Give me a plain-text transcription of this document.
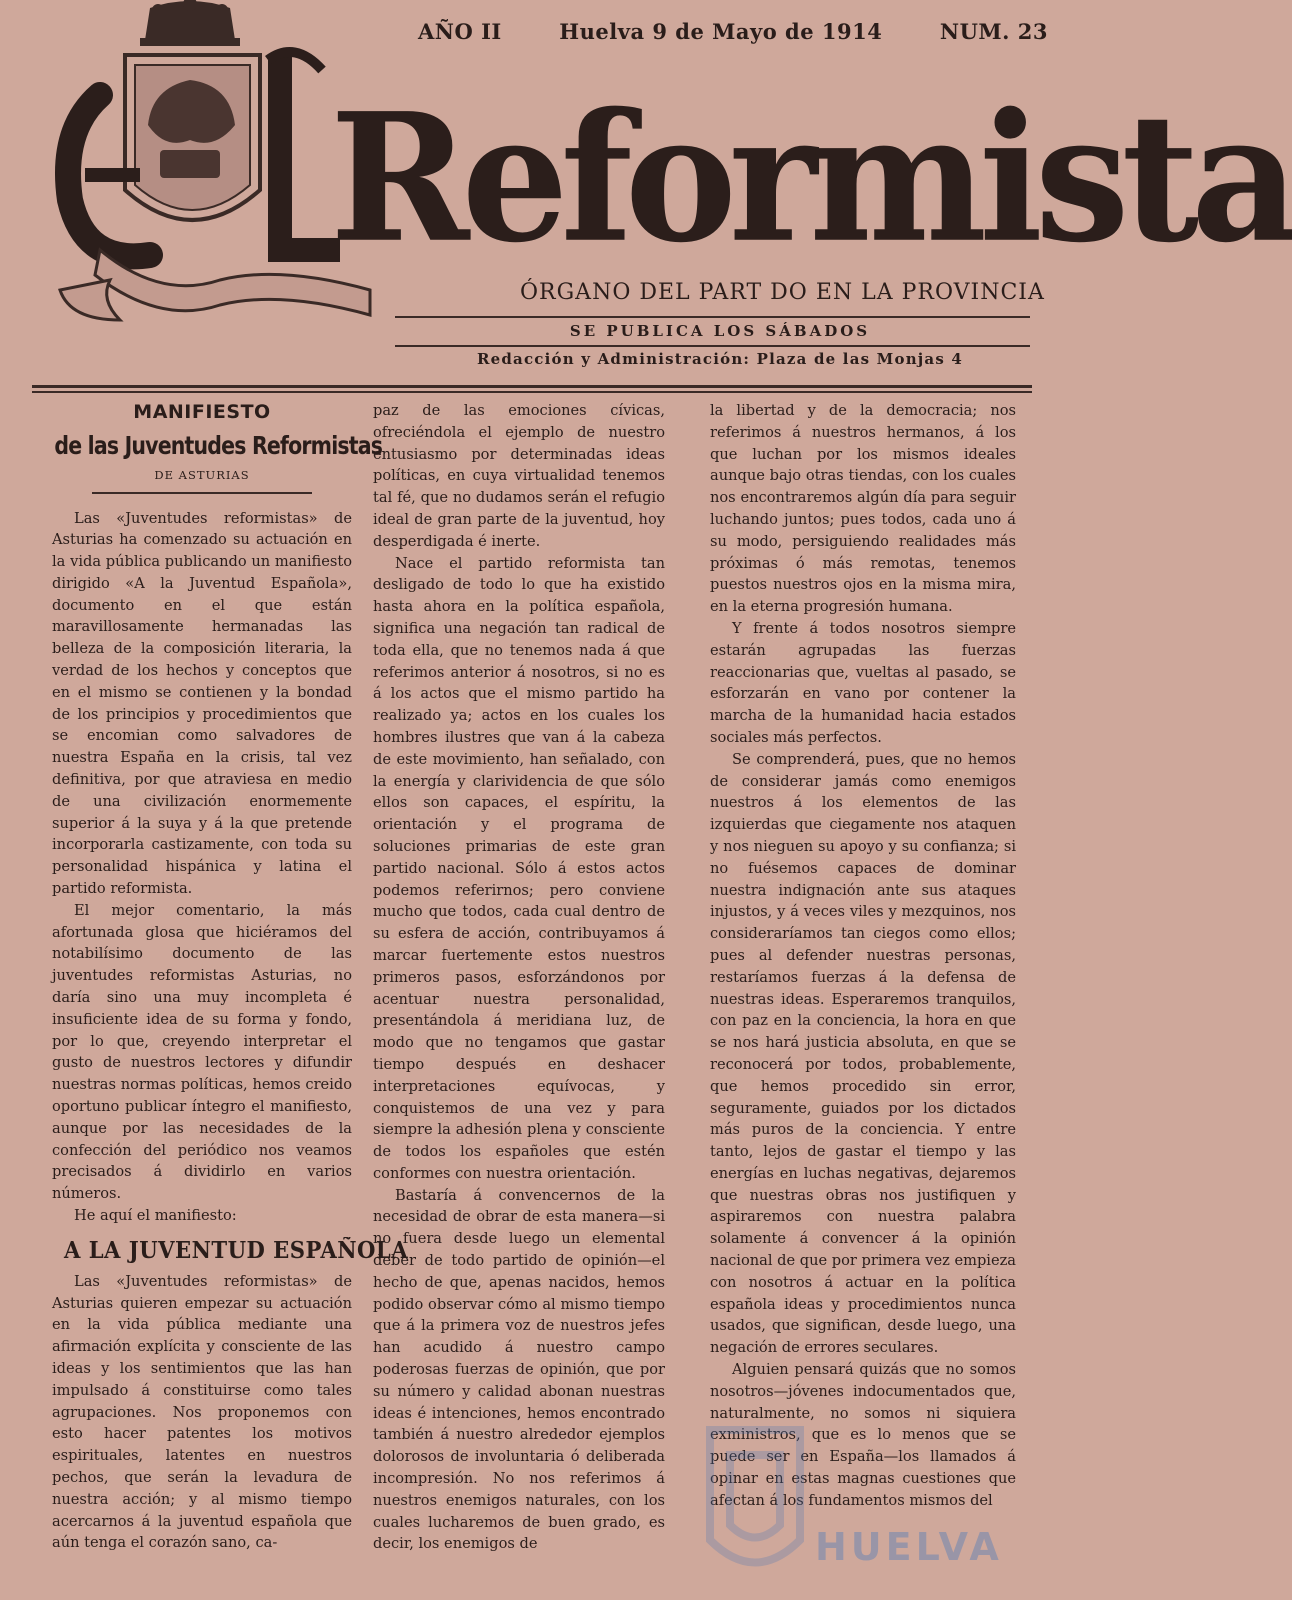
AÑO II	Huelva 9 de Mayo de 1914	NUM. 23
Reformista
ÓRGANO DEL PART DO EN LA PROVINCIA
SE PUBLICA LOS SÁBADOS
Redacción y Administración: Plaza de las Monjas 4
MANIFIESTO
de las Juventudes Reformistas
DE ASTURIAS

Las «Juventudes reformistas» de Asturias ha comenzado su actuación en la vida pública publicando un manifiesto dirigido «A la Juventud Española», documento en el que están maravillosamente hermanadas las belleza de la composición literaria, la verdad de los hechos y conceptos que en el mismo se contienen y la bondad de los principios y procedimientos que se encomian como salvadores de nuestra España en la crisis, tal vez definitiva, por que atraviesa en medio de una civilización enormemente superior á la suya y á la que pretende incorporarla castizamente, con toda su personalidad hispánica y latina el partido reformista.

El mejor comentario, la más afortunada glosa que hiciéramos del notabilísimo documento de las juventudes reformistas Asturias, no daría sino una muy incompleta é insuficiente idea de su forma y fondo, por lo que, creyendo interpretar el gusto de nuestros lectores y difundir nuestras normas políticas, hemos creido oportuno publicar íntegro el manifiesto, aunque por las necesidades de la confección del periódico nos veamos precisados á dividirlo en varios números.

He aquí el manifiesto:

A LA JUVENTUD ESPAÑOLA

Las «Juventudes reformistas» de Asturias quieren empezar su actuación en la vida pública mediante una afirmación explícita y consciente de las ideas y los sentimientos que las han impulsado á constituirse como tales agrupaciones. Nos proponemos con esto hacer patentes los motivos espirituales, latentes en nuestros pechos, que serán la levadura de nuestra acción; y al mismo tiempo acercarnos á la juventud española que aún tenga el corazón sano, ca-

paz de las emociones cívicas, ofreciéndola el ejemplo de nuestro entusiasmo por determinadas ideas políticas, en cuya virtualidad tenemos tal fé, que no dudamos serán el refugio ideal de gran parte de la juventud, hoy desperdigada é inerte.

Nace el partido reformista tan desligado de todo lo que ha existido hasta ahora en la política española, significa una negación tan radical de toda ella, que no tenemos nada á que referimos anterior á nosotros, si no es á los actos que el mismo partido ha realizado ya; actos en los cuales los hombres ilustres que van á la cabeza de este movimiento, han señalado, con la energía y clarividencia de que sólo ellos son capaces, el espíritu, la orientación y el programa de soluciones primarias de este gran partido nacional. Sólo á estos actos podemos referirnos; pero conviene mucho que todos, cada cual dentro de su esfera de acción, contribuyamos á marcar fuertemente estos nuestros primeros pasos, esforzándonos por acentuar nuestra personalidad, presentándola á meridiana luz, de modo que no tengamos que gastar tiempo después en deshacer interpretaciones equívocas, y conquistemos de una vez y para siempre la adhesión plena y consciente de todos los españoles que estén conformes con nuestra orientación.

Bastaría á convencernos de la necesidad de obrar de esta manera—si no fuera desde luego un elemental deber de todo partido de opinión—el hecho de que, apenas nacidos, hemos podido observar cómo al mismo tiempo que á la primera voz de nuestros jefes han acudido á nuestro campo poderosas fuerzas de opinión, que por su número y calidad abonan nuestras ideas é intenciones, hemos encontrado también á nuestro alrededor ejemplos dolorosos de involuntaria ó deliberada incompresión. No nos referimos á nuestros enemigos naturales, con los cuales lucharemos de buen grado, es decir, los enemigos de

la libertad y de la democracia; nos referimos á nuestros hermanos, á los que luchan por los mismos ideales aunque bajo otras tiendas, con los cuales nos encontraremos algún día para seguir luchando juntos; pues todos, cada uno á su modo, persiguiendo realidades más próximas ó más remotas, tenemos puestos nuestros ojos en la misma mira, en la eterna progresión humana.

Y frente á todos nosotros siempre estarán agrupadas las fuerzas reaccionarias que, vueltas al pasado, se esforzarán en vano por contener la marcha de la humanidad hacia estados sociales más perfectos.

Se comprenderá, pues, que no hemos de considerar jamás como enemigos nuestros á los elementos de las izquierdas que ciegamente nos ataquen y nos nieguen su apoyo y su confianza; si no fuésemos capaces de dominar nuestra indignación ante sus ataques injustos, y á veces viles y mezquinos, nos consideraríamos tan ciegos como ellos; pues al defender nuestras personas, restaríamos fuerzas á la defensa de nuestras ideas. Esperaremos tranquilos, con paz en la conciencia, la hora en que se nos hará justicia absoluta, en que se reconocerá por todos, probablemente, que hemos procedido sin error, seguramente, guiados por los dictados más puros de la conciencia. Y entre tanto, lejos de gastar el tiempo y las energías en luchas negativas, dejaremos que nuestras obras nos justifiquen y aspiraremos con nuestra palabra solamente á convencer á la opinión nacional de que por primera vez empieza con nosotros á actuar en la política española ideas y procedimientos nunca usados, que significan, desde luego, una negación de errores seculares.

Alguien pensará quizás que no somos nosotros—jóvenes indocumentados que, naturalmente, no somos ni siquiera exministros, que es lo menos que se puede ser en España—los llamados á opinar en estas magnas cuestiones que afectan á los fundamentos mismos del

HUELVA
